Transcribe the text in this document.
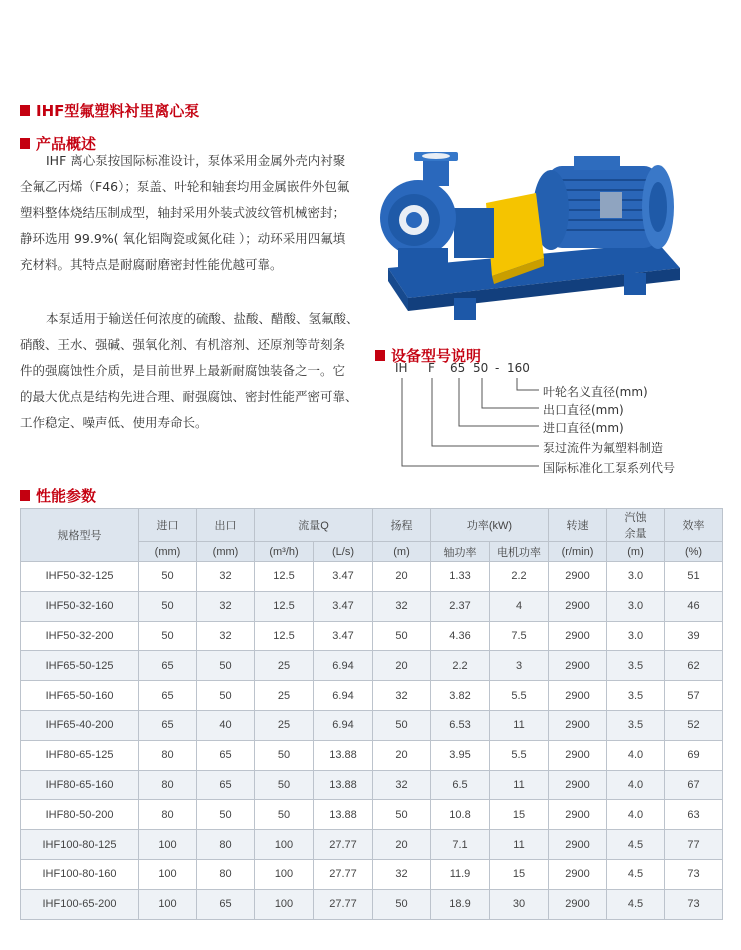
IHF型氟塑料衬里离心泵
产品概述

IHF 离心泵按国际标准设计，泵体采用金属外壳内衬聚

全氟乙丙烯（F46）；泵盖、叶轮和轴套均用金属嵌件外包氟

塑料整体烧结压制成型，轴封采用外装式波纹管机械密封；

静环选用 99.9%( 氧化铝陶瓷或氮化硅 ）；动环采用四氟填

充材料。其特点是耐腐耐磨密封性能优越可靠。

本泵适用于输送任何浓度的硫酸、盐酸、醋酸、氢氟酸、

硝酸、王水、强碱、强氧化剂、有机溶剂、还原剂等苛刻条

件的强腐蚀性介质，是目前世界上最新耐腐蚀装备之一。它

的最大优点是结构先进合理、耐强腐蚀、密封性能严密可靠、

工作稳定、噪声低、使用寿命长。

设备型号说明
IH F 65 50 - 160
叶轮名义直径(mm)
出口直径(mm)
进口直径(mm)
泵过流件为氟塑料制造
国际标准化工泵系列代号
性能参数
规格型号	进口	出口	流量Q		扬程	功率(kW)		转速	汽蚀
余量	效率
	(mm)	(mm)	(m³/h)	(L/s)	(m)	轴功率	电机功率	(r/min)	(m)	(%)
IHF50-32-125	50	32	12.5	3.47	20	1.33	2.2	2900	3.0	51
IHF50-32-160	50	32	12.5	3.47	32	2.37	4	2900	3.0	46
IHF50-32-200	50	32	12.5	3.47	50	4.36	7.5	2900	3.0	39
IHF65-50-125	65	50	25	6.94	20	2.2	3	2900	3.5	62
IHF65-50-160	65	50	25	6.94	32	3.82	5.5	2900	3.5	57
IHF65-40-200	65	40	25	6.94	50	6.53	11	2900	3.5	52
IHF80-65-125	80	65	50	13.88	20	3.95	5.5	2900	4.0	69
IHF80-65-160	80	65	50	13.88	32	6.5	11	2900	4.0	67
IHF80-50-200	80	50	50	13.88	50	10.8	15	2900	4.0	63
IHF100-80-125	100	80	100	27.77	20	7.1	11	2900	4.5	77
IHF100-80-160	100	80	100	27.77	32	11.9	15	2900	4.5	73
IHF100-65-200	100	65	100	27.77	50	18.9	30	2900	4.5	73
